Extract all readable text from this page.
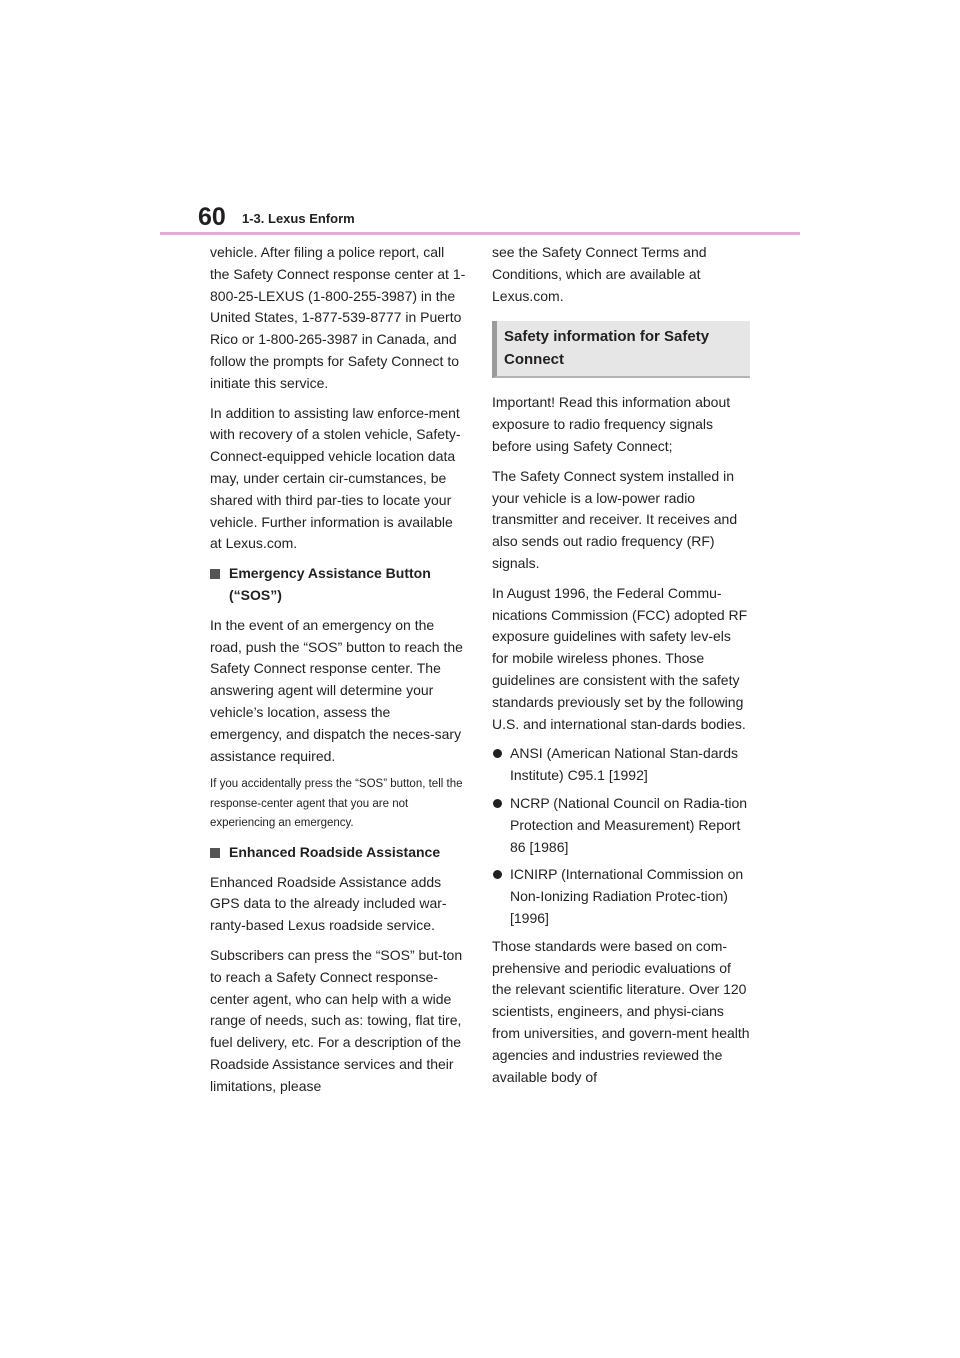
60 1-3. Lexus Enform

vehicle. After filing a police report, call the Safety Connect response center at 1-800-25-LEXUS (1-800-255-3987) in the United States, 1-877-539-8777 in Puerto Rico or 1-800-265-3987 in Canada, and follow the prompts for Safety Connect to initiate this service.

In addition to assisting law enforce-ment with recovery of a stolen vehicle, Safety-Connect-equipped vehicle location data may, under certain cir-cumstances, be shared with third par-ties to locate your vehicle. Further information is available at Lexus.com.

Emergency Assistance Button (“SOS”)

In the event of an emergency on the road, push the “SOS” button to reach the Safety Connect response center. The answering agent will determine your vehicle’s location, assess the emergency, and dispatch the neces-sary assistance required.

If you accidentally press the “SOS” button, tell the response-center agent that you are not experiencing an emergency.

Enhanced Roadside Assistance

Enhanced Roadside Assistance adds GPS data to the already included war-ranty-based Lexus roadside service.

Subscribers can press the “SOS” but-ton to reach a Safety Connect response-center agent, who can help with a wide range of needs, such as: towing, flat tire, fuel delivery, etc. For a description of the Roadside Assistance services and their limitations, please

see the Safety Connect Terms and Conditions, which are available at Lexus.com.

Safety information for Safety Connect

Important! Read this information about exposure to radio frequency signals before using Safety Connect;

The Safety Connect system installed in your vehicle is a low-power radio transmitter and receiver. It receives and also sends out radio frequency (RF) signals.

In August 1996, the Federal Commu-nications Commission (FCC) adopted RF exposure guidelines with safety lev-els for mobile wireless phones. Those guidelines are consistent with the safety standards previously set by the following U.S. and international stan-dards bodies.

ANSI (American National Stan-dards Institute) C95.1 [1992]
NCRP (National Council on Radia-tion Protection and Measurement) Report 86 [1986]
ICNIRP (International Commission on Non-Ionizing Radiation Protec-tion) [1996]

Those standards were based on com-prehensive and periodic evaluations of the relevant scientific literature. Over 120 scientists, engineers, and physi-cians from universities, and govern-ment health agencies and industries reviewed the available body of
